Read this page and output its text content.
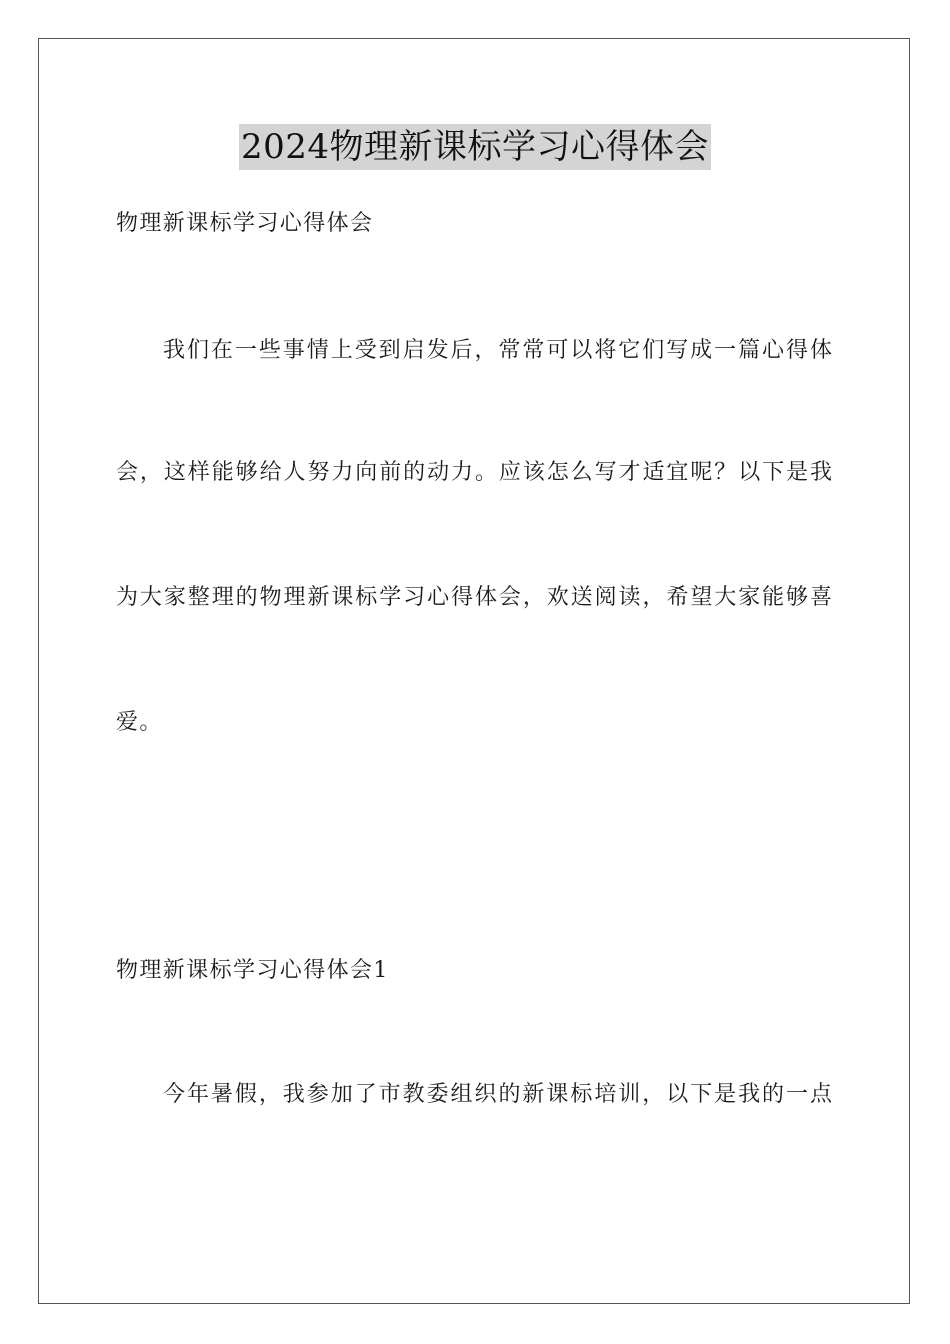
2024物理新课标学习心得体会
物理新课标学习心得体会
我们在一些事情上受到启发后，常常可以将它们写成一篇心得体
会，这样能够给人努力向前的动力。应该怎么写才适宜呢？以下是我
为大家整理的物理新课标学习心得体会，欢送阅读，希望大家能够喜
爱。
物理新课标学习心得体会1
今年暑假，我参加了市教委组织的新课标培训，以下是我的一点
